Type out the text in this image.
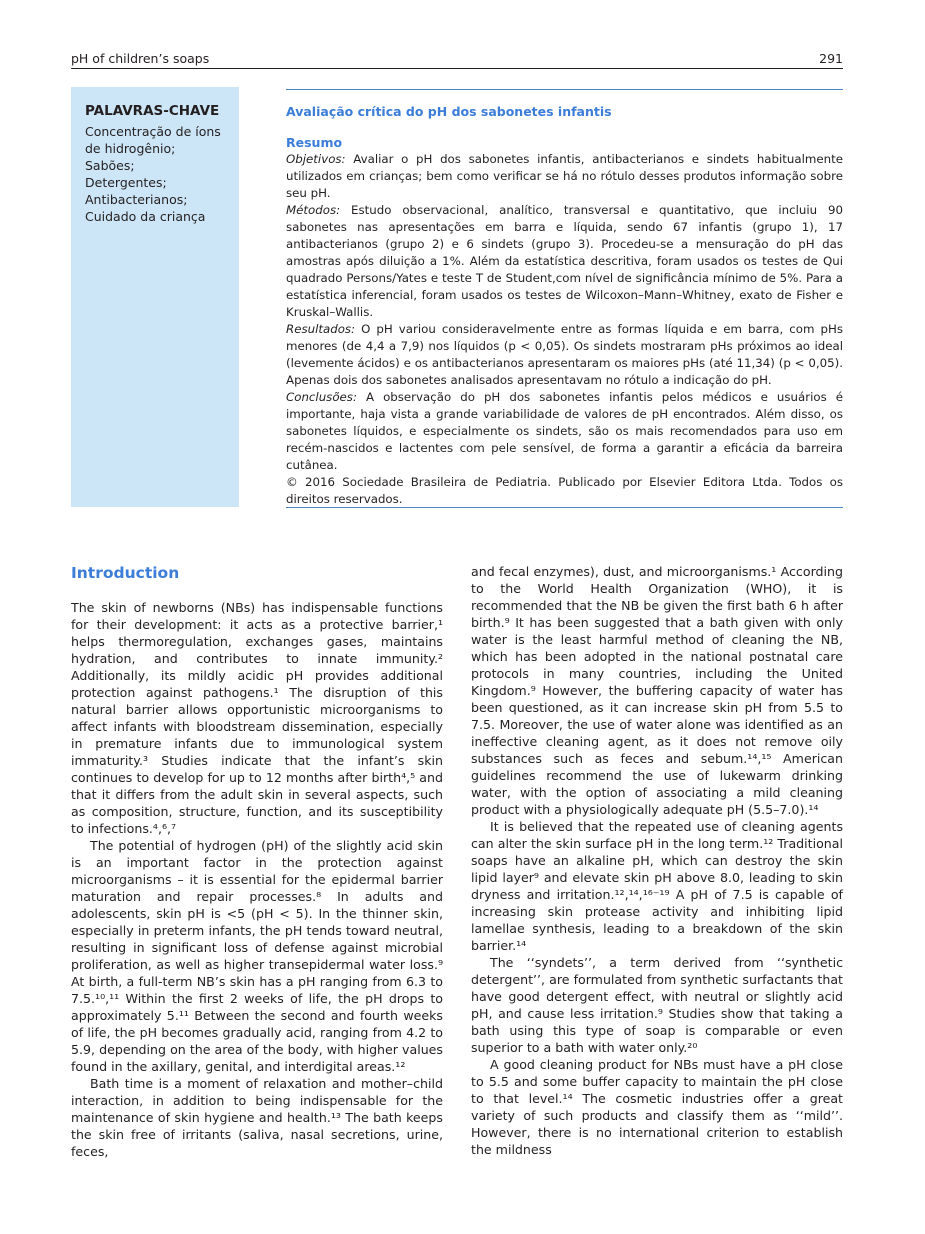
pH of children’s soaps	291
PALAVRAS-CHAVE
Concentração de íons de hidrogênio;
Sabões;
Detergentes;
Antibacterianos;
Cuidado da criança
Avaliação crítica do pH dos sabonetes infantis
Resumo

Objetivos: Avaliar o pH dos sabonetes infantis, antibacterianos e sindets habitualmente utilizados em crianças; bem como verificar se há no rótulo desses produtos informação sobre seu pH.

Métodos: Estudo observacional, analítico, transversal e quantitativo, que incluiu 90 sabonetes nas apresentações em barra e líquida, sendo 67 infantis (grupo 1), 17 antibacterianos (grupo 2) e 6 sindets (grupo 3). Procedeu-se a mensuração do pH das amostras após diluição a 1%. Além da estatística descritiva, foram usados os testes de Qui quadrado Persons/Yates e teste T de Student,com nível de significância mínimo de 5%. Para a estatística inferencial, foram usados os testes de Wilcoxon–Mann–Whitney, exato de Fisher e Kruskal–Wallis.

Resultados: O pH variou consideravelmente entre as formas líquida e em barra, com pHs menores (de 4,4 a 7,9) nos líquidos (p < 0,05). Os sindets mostraram pHs próximos ao ideal (levemente ácidos) e os antibacterianos apresentaram os maiores pHs (até 11,34) (p < 0,05). Apenas dois dos sabonetes analisados apresentavam no rótulo a indicação do pH.

Conclusões: A observação do pH dos sabonetes infantis pelos médicos e usuários é importante, haja vista a grande variabilidade de valores de pH encontrados. Além disso, os sabonetes líquidos, e especialmente os sindets, são os mais recomendados para uso em recém-nascidos e lactentes com pele sensível, de forma a garantir a eficácia da barreira cutânea.

© 2016 Sociedade Brasileira de Pediatria. Publicado por Elsevier Editora Ltda. Todos os direitos reservados.

Introduction

The skin of newborns (NBs) has indispensable functions for their development: it acts as a protective barrier,¹ helps thermoregulation, exchanges gases, maintains hydration, and contributes to innate immunity.² Additionally, its mildly acidic pH provides additional protection against pathogens.¹ The disruption of this natural barrier allows opportunistic microorganisms to affect infants with bloodstream dissemination, especially in premature infants due to immunological system immaturity.³ Studies indicate that the infant’s skin continues to develop for up to 12 months after birth⁴,⁵ and that it differs from the adult skin in several aspects, such as composition, structure, function, and its susceptibility to infections.⁴,⁶,⁷

The potential of hydrogen (pH) of the slightly acid skin is an important factor in the protection against microorganisms – it is essential for the epidermal barrier maturation and repair processes.⁸ In adults and adolescents, skin pH is <5 (pH < 5). In the thinner skin, especially in preterm infants, the pH tends toward neutral, resulting in significant loss of defense against microbial proliferation, as well as higher transepidermal water loss.⁹ At birth, a full-term NB’s skin has a pH ranging from 6.3 to 7.5.¹⁰,¹¹ Within the first 2 weeks of life, the pH drops to approximately 5.¹¹ Between the second and fourth weeks of life, the pH becomes gradually acid, ranging from 4.2 to 5.9, depending on the area of the body, with higher values found in the axillary, genital, and interdigital areas.¹²

Bath time is a moment of relaxation and mother–child interaction, in addition to being indispensable for the maintenance of skin hygiene and health.¹³ The bath keeps the skin free of irritants (saliva, nasal secretions, urine, feces,

and fecal enzymes), dust, and microorganisms.¹ According to the World Health Organization (WHO), it is recommended that the NB be given the first bath 6 h after birth.⁹ It has been suggested that a bath given with only water is the least harmful method of cleaning the NB, which has been adopted in the national postnatal care protocols in many countries, including the United Kingdom.⁹ However, the buffering capacity of water has been questioned, as it can increase skin pH from 5.5 to 7.5. Moreover, the use of water alone was identified as an ineffective cleaning agent, as it does not remove oily substances such as feces and sebum.¹⁴,¹⁵ American guidelines recommend the use of lukewarm drinking water, with the option of associating a mild cleaning product with a physiologically adequate pH (5.5–7.0).¹⁴

It is believed that the repeated use of cleaning agents can alter the skin surface pH in the long term.¹² Traditional soaps have an alkaline pH, which can destroy the skin lipid layer⁹ and elevate skin pH above 8.0, leading to skin dryness and irritation.¹²,¹⁴,¹⁶⁻¹⁹ A pH of 7.5 is capable of increasing skin protease activity and inhibiting lipid lamellae synthesis, leading to a breakdown of the skin barrier.¹⁴

The ‘‘syndets’’, a term derived from ‘‘synthetic detergent’’, are formulated from synthetic surfactants that have good detergent effect, with neutral or slightly acid pH, and cause less irritation.⁹ Studies show that taking a bath using this type of soap is comparable or even superior to a bath with water only.²⁰

A good cleaning product for NBs must have a pH close to 5.5 and some buffer capacity to maintain the pH close to that level.¹⁴ The cosmetic industries offer a great variety of such products and classify them as ‘‘mild’’. However, there is no international criterion to establish the mildness
